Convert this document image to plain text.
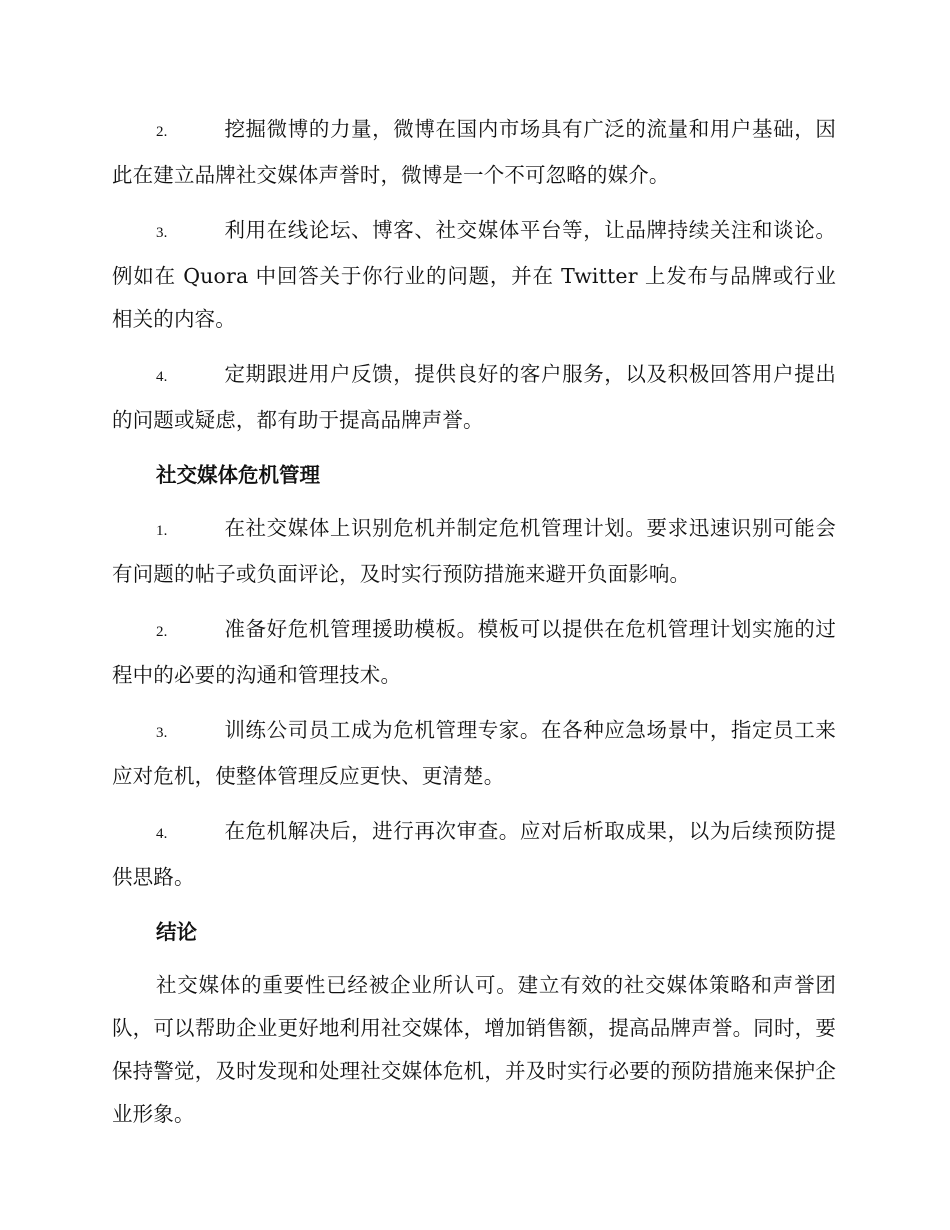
2.	挖掘微博的力量，微博在国内市场具有广泛的流量和用户基础，因此在建立品牌社交媒体声誉时，微博是一个不可忽略的媒介。
3.	利用在线论坛、博客、社交媒体平台等，让品牌持续关注和谈论。例如在 Quora 中回答关于你行业的问题，并在 Twitter 上发布与品牌或行业相关的内容。
4.	定期跟进用户反馈，提供良好的客户服务，以及积极回答用户提出的问题或疑虑，都有助于提高品牌声誉。
社交媒体危机管理
1.	在社交媒体上识别危机并制定危机管理计划。要求迅速识别可能会有问题的帖子或负面评论，及时实行预防措施来避开负面影响。
2.	准备好危机管理援助模板。模板可以提供在危机管理计划实施的过程中的必要的沟通和管理技术。
3.	训练公司员工成为危机管理专家。在各种应急场景中，指定员工来应对危机，使整体管理反应更快、更清楚。
4.	在危机解决后，进行再次审查。应对后析取成果，以为后续预防提供思路。
结论

社交媒体的重要性已经被企业所认可。建立有效的社交媒体策略和声誉团队，可以帮助企业更好地利用社交媒体，增加销售额，提高品牌声誉。同时，要保持警觉，及时发现和处理社交媒体危机，并及时实行必要的预防措施来保护企业形象。
